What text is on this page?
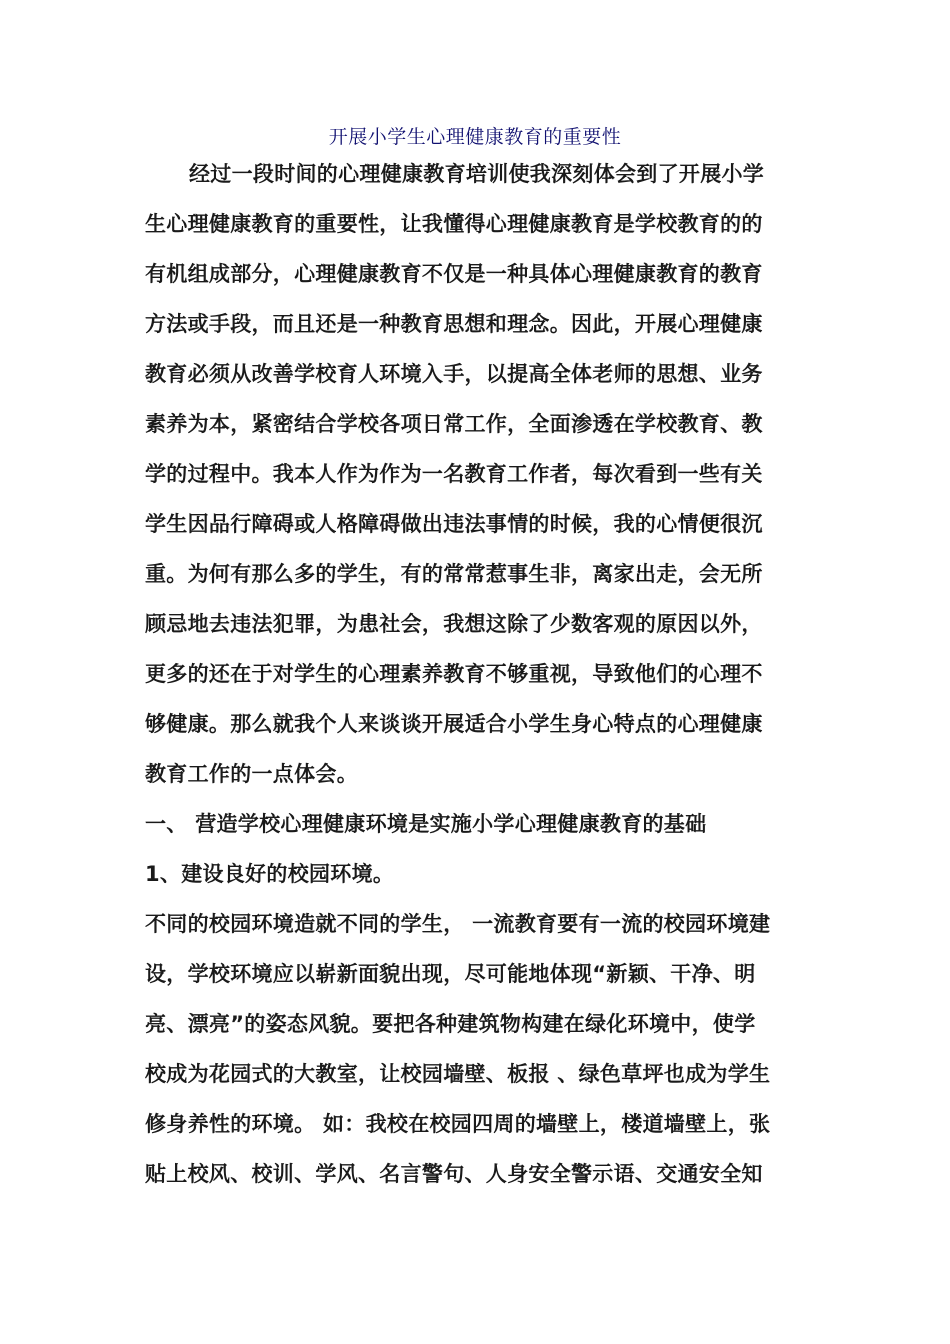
开展小学生心理健康教育的重要性
经过一段时间的心理健康教育培训使我深刻体会到了开展小学
生心理健康教育的重要性，让我懂得心理健康教育是学校教育的的
有机组成部分，心理健康教育不仅是一种具体心理健康教育的教育
方法或手段，而且还是一种教育思想和理念。因此，开展心理健康
教育必须从改善学校育人环境入手，以提高全体老师的思想、业务
素养为本，紧密结合学校各项日常工作，全面渗透在学校教育、教
学的过程中。我本人作为作为一名教育工作者，每次看到一些有关
学生因品行障碍或人格障碍做出违法事情的时候，我的心情便很沉
重。为何有那么多的学生，有的常常惹事生非，离家出走，会无所
顾忌地去违法犯罪，为患社会，我想这除了少数客观的原因以外，
更多的还在于对学生的心理素养教育不够重视，导致他们的心理不
够健康。那么就我个人来谈谈开展适合小学生身心特点的心理健康
教育工作的一点体会。
一、 营造学校心理健康环境是实施小学心理健康教育的基础
1、建设良好的校园环境。
不同的校园环境造就不同的学生， 一流教育要有一流的校园环境建
设，学校环境应以崭新面貌出现，尽可能地体现“新颖、干净、明
亮、漂亮”的姿态风貌。要把各种建筑物构建在绿化环境中，使学
校成为花园式的大教室，让校园墙壁、板报 、绿色草坪也成为学生
修身养性的环境。 如：我校在校园四周的墙壁上，楼道墙壁上，张
贴上校风、校训、学风、名言警句、人身安全警示语、交通安全知
